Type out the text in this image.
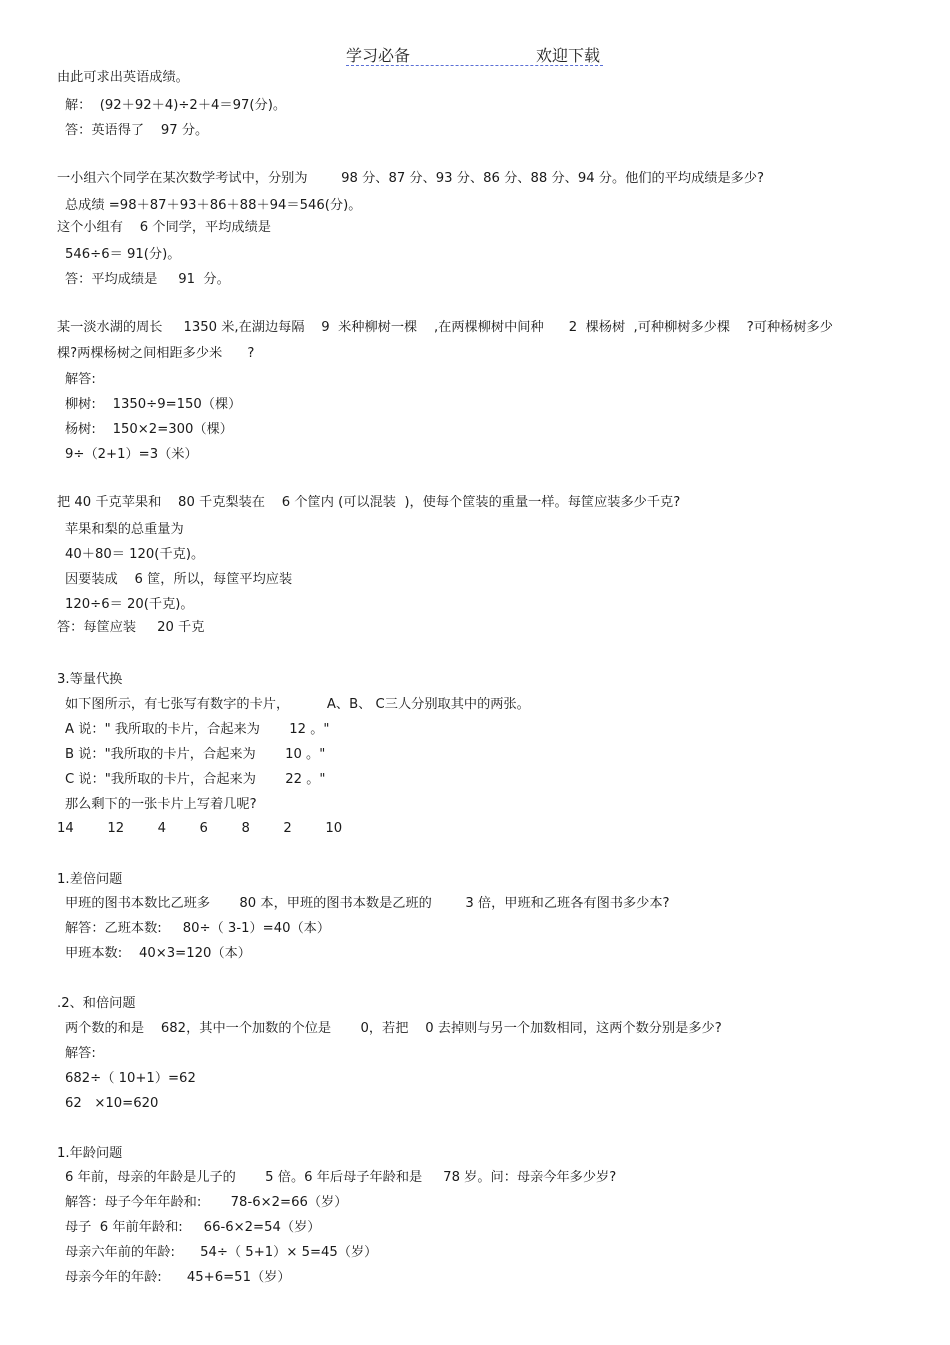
学习必备	欢迎下载
由此可求出英语成绩。
解：  (92＋92＋4)÷2＋4＝97(分)。
答：英语得了    97 分。
一小组六个同学在某次数学考试中，分别为        98 分、87 分、93 分、86 分、88 分、94 分。他们的平均成绩是多少?
总成绩 =98＋87＋93＋86＋88＋94＝546(分)。
这个小组有    6 个同学，平均成绩是
546÷6＝ 91(分)。
答：平均成绩是     91  分。
某一淡水湖的周长     1350 米,在湖边每隔    9  米种柳树一棵    ,在两棵柳树中间种      2  棵杨树  ,可种柳树多少棵    ?可种杨树多少
棵?两棵杨树之间相距多少米      ?
解答:
柳树:    1350÷9=150（棵）
杨树:    150×2=300（棵）
9÷（2+1）=3（米）
把 40 千克苹果和    80 千克梨装在    6 个筐内 (可以混装  )，使每个筐装的重量一样。每筐应装多少千克?
苹果和梨的总重量为
40＋80＝ 120(千克)。
因要装成    6 筐，所以，每筐平均应装
120÷6＝ 20(千克)。
答：每筐应装     20 千克
3.等量代换
如下图所示，有七张写有数字的卡片，         A、B、 C三人分别取其中的两张。
A 说：" 我所取的卡片，合起来为       12 。"
B 说："我所取的卡片，合起来为       10 。"
C 说："我所取的卡片，合起来为       22 。"
那么剩下的一张卡片上写着几呢?
14        12        4        6        8        2        10
1.差倍问题
甲班的图书本数比乙班多       80 本，甲班的图书本数是乙班的        3 倍，甲班和乙班各有图书多少本?
解答：乙班本数:     80÷（ 3-1）=40（本）
甲班本数:    40×3=120（本）
.2、和倍问题
两个数的和是    682，其中一个加数的个位是       0，若把    0 去掉则与另一个加数相同，这两个数分别是多少?
解答:
682÷（ 10+1）=62
62   ×10=620
1.年龄问题
6 年前，母亲的年龄是儿子的       5 倍。6 年后母子年龄和是     78 岁。问：母亲今年多少岁?
解答：母子今年年龄和:       78-6×2=66（岁）
母子  6 年前年龄和:     66-6×2=54（岁）
母亲六年前的年龄:      54÷（ 5+1）× 5=45（岁）
母亲今年的年龄:      45+6=51（岁）
